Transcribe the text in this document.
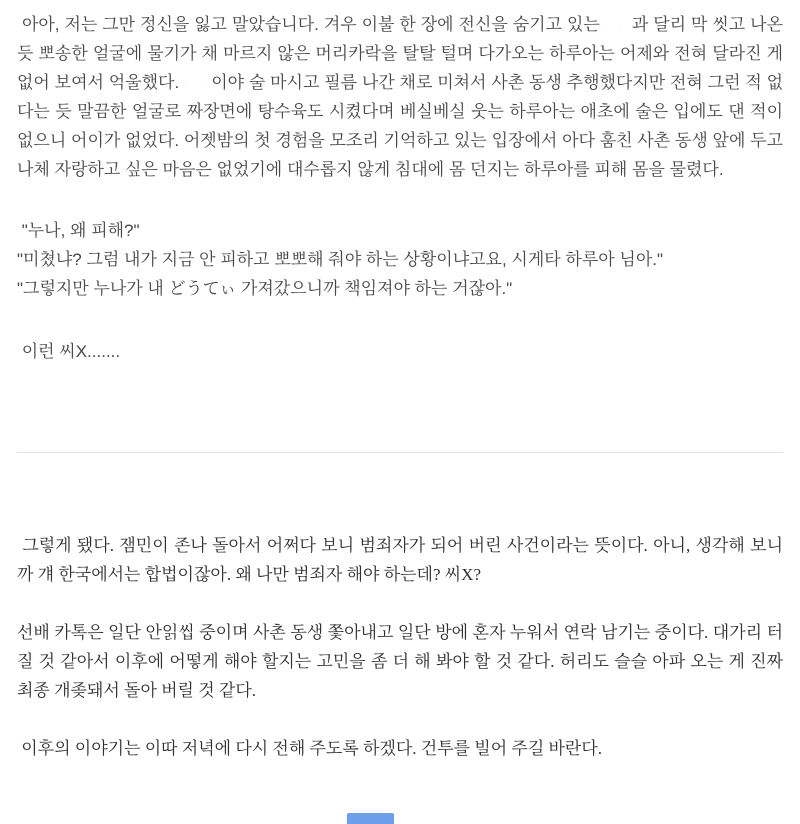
아아, 저는 그만 정신을 잃고 말았습니다. 겨우 이불 한 장에 전신을 숨기고 있는 · · 과 달리 막 씻고 나온 듯 뽀송한 얼굴에 물기가 채 마르지 않은 머리카락을 탈탈 털며 다가오는 하루아는 어제와 전혀 달라진 게 없어 보여서 억울했다. · · 이야 술 마시고 필름 나간 채로 미쳐서 사촌 동생 추행했다지만 전혀 그런 적 없다는 듯 말끔한 얼굴로 짜장면에 탕수육도 시켰다며 베실베실 웃는 하루아는 애초에 술은 입에도 댄 적이 없으니 어이가 없었다. 어젯밤의 첫 경험을 모조리 기억하고 있는 입장에서 아다 훔친 사촌 동생 앞에 두고 나체 자랑하고 싶은 마음은 없었기에 대수롭지 않게 침대에 몸 던지는 하루아를 피해 몸을 물렸다.

"누나, 왜 피해?"
"미쳤냐? 그럼 내가 지금 안 피하고 뽀뽀해 줘야 하는 상황이냐고요, 시게타 하루아 님아."
"그렇지만 누나가 내 どうてぃ 가져갔으니까 책임져야 하는 거잖아."

이런 씨X.......

그렇게 됐다. 잼민이 존나 돌아서 어쩌다 보니 범죄자가 되어 버린 사건이라는 뜻이다. 아니, 생각해 보니까 걔 한국에서는 합법이잖아. 왜 나만 범죄자 해야 하는데? 씨X?

선배 카톡은 일단 안읽씹 중이며 사촌 동생 쫓아내고 일단 방에 혼자 누워서 연락 남기는 중이다. 대가리 터질 것 같아서 이후에 어떻게 해야 할지는 고민을 좀 더 해 봐야 할 것 같다. 허리도 슬슬 아파 오는 게 진짜 최종 개좆돼서 돌아 버릴 것 같다.

이후의 이야기는 이따 저녁에 다시 전해 주도록 하겠다. 건투를 빌어 주길 바란다.
